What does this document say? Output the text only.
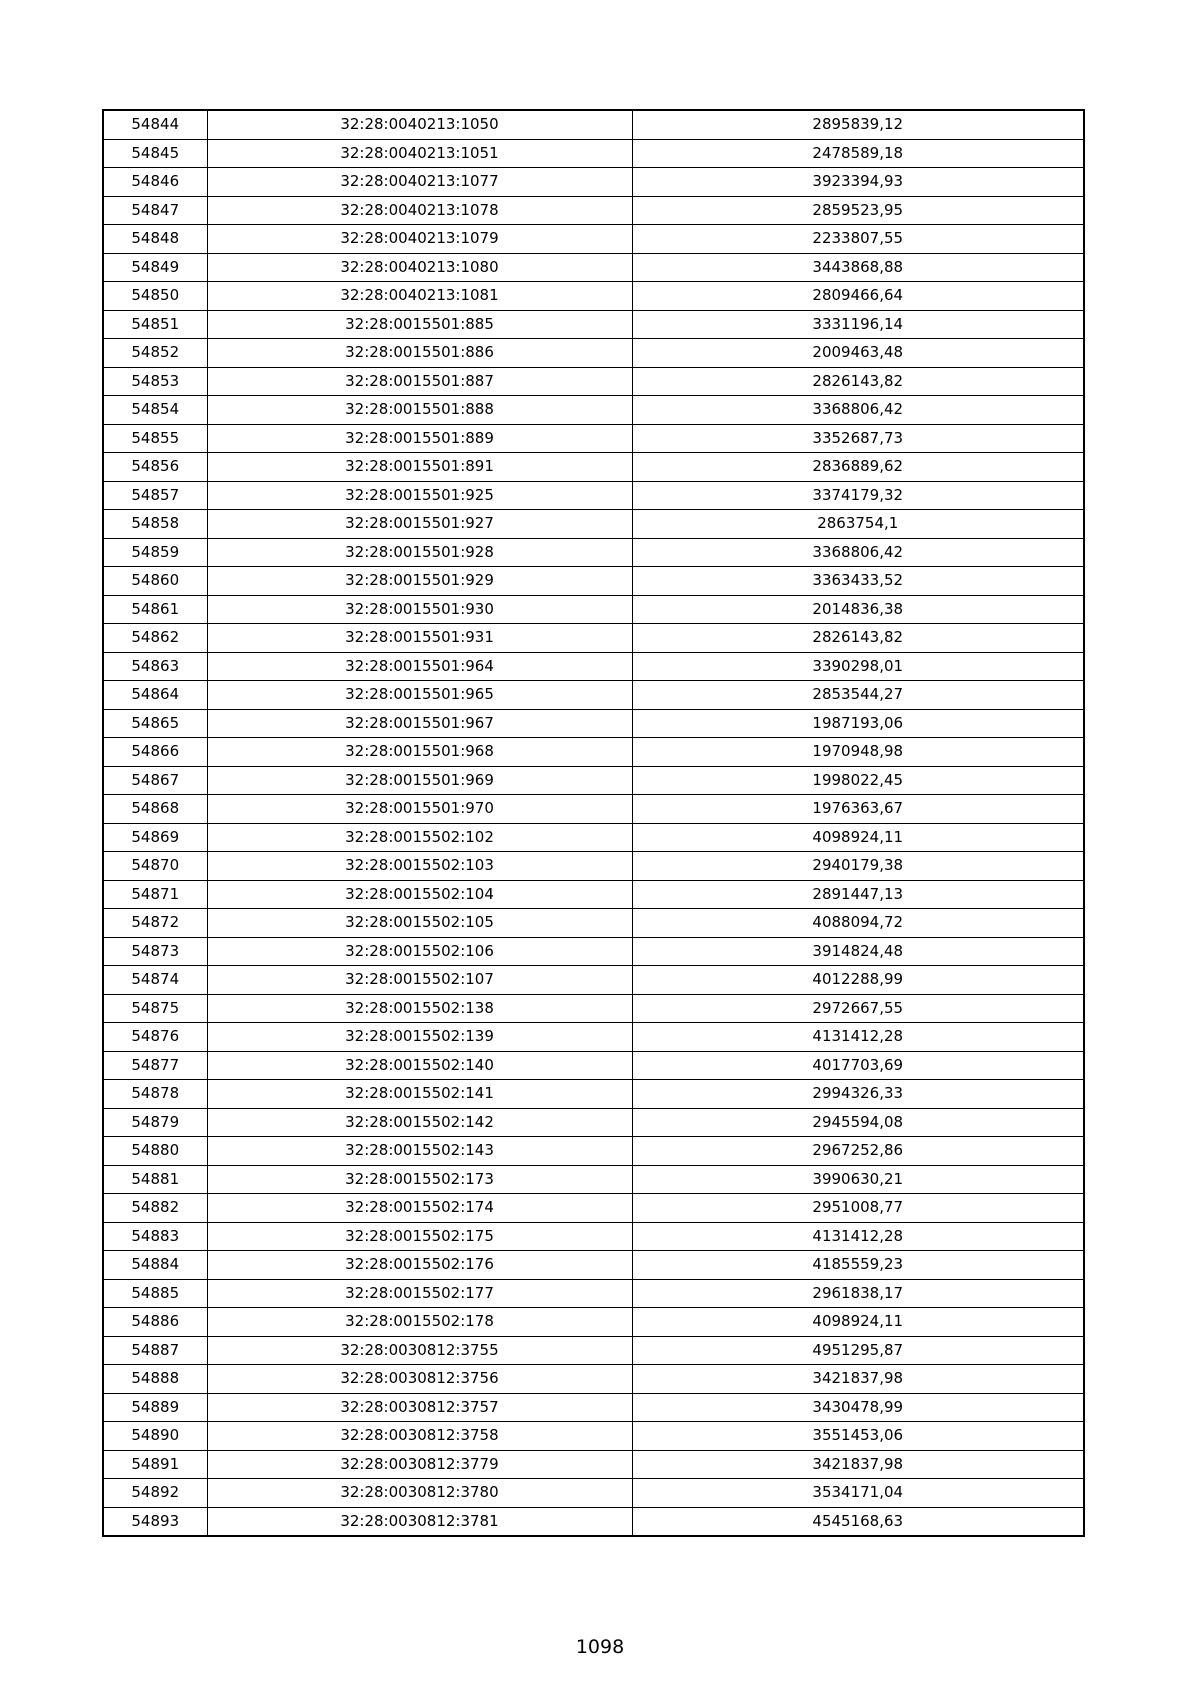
54844	32:28:0040213:1050	2895839,12
54845	32:28:0040213:1051	2478589,18
54846	32:28:0040213:1077	3923394,93
54847	32:28:0040213:1078	2859523,95
54848	32:28:0040213:1079	2233807,55
54849	32:28:0040213:1080	3443868,88
54850	32:28:0040213:1081	2809466,64
54851	32:28:0015501:885	3331196,14
54852	32:28:0015501:886	2009463,48
54853	32:28:0015501:887	2826143,82
54854	32:28:0015501:888	3368806,42
54855	32:28:0015501:889	3352687,73
54856	32:28:0015501:891	2836889,62
54857	32:28:0015501:925	3374179,32
54858	32:28:0015501:927	2863754,1
54859	32:28:0015501:928	3368806,42
54860	32:28:0015501:929	3363433,52
54861	32:28:0015501:930	2014836,38
54862	32:28:0015501:931	2826143,82
54863	32:28:0015501:964	3390298,01
54864	32:28:0015501:965	2853544,27
54865	32:28:0015501:967	1987193,06
54866	32:28:0015501:968	1970948,98
54867	32:28:0015501:969	1998022,45
54868	32:28:0015501:970	1976363,67
54869	32:28:0015502:102	4098924,11
54870	32:28:0015502:103	2940179,38
54871	32:28:0015502:104	2891447,13
54872	32:28:0015502:105	4088094,72
54873	32:28:0015502:106	3914824,48
54874	32:28:0015502:107	4012288,99
54875	32:28:0015502:138	2972667,55
54876	32:28:0015502:139	4131412,28
54877	32:28:0015502:140	4017703,69
54878	32:28:0015502:141	2994326,33
54879	32:28:0015502:142	2945594,08
54880	32:28:0015502:143	2967252,86
54881	32:28:0015502:173	3990630,21
54882	32:28:0015502:174	2951008,77
54883	32:28:0015502:175	4131412,28
54884	32:28:0015502:176	4185559,23
54885	32:28:0015502:177	2961838,17
54886	32:28:0015502:178	4098924,11
54887	32:28:0030812:3755	4951295,87
54888	32:28:0030812:3756	3421837,98
54889	32:28:0030812:3757	3430478,99
54890	32:28:0030812:3758	3551453,06
54891	32:28:0030812:3779	3421837,98
54892	32:28:0030812:3780	3534171,04
54893	32:28:0030812:3781	4545168,63
1098
